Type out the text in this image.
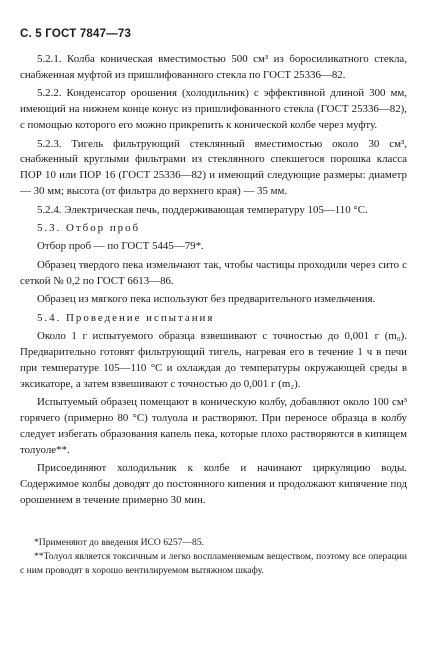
С. 5 ГОСТ 7847—73

5.2.1. Колба коническая вместимостью 500 см³ из боросиликатного стекла, снабженная муфтой из пришлифованного стекла по ГОСТ 25336—82.

5.2.2. Конденсатор орошения (холодильник) с эффективной длиной 300 мм, имеющий на нижнем конце конус из пришлифованного стекла (ГОСТ 25336—82), с помощью которого его можно прикрепить к конической колбе через муфту.

5.2.3. Тигель фильтрующий стеклянный вместимостью около 30 см³, снабженный круглыми фильтрами из стеклянного спекшегося порошка класса ПОР 10 или ПОР 16 (ГОСТ 25336—82) и имеющий следующие размеры: диаметр — 30 мм; высота (от фильтра до верхнего края) — 35 мм.

5.2.4. Электрическая печь, поддерживающая температуру 105—110 °С.

5.3. Отбор проб

Отбор проб — по ГОСТ 5445—79*.

Образец твердого пека измельчают так, чтобы частицы проходили через сито с сеткой № 0,2 по ГОСТ 6613—86.

Образец из мягкого пека используют без предварительного измельчения.

5.4. Проведение испытания

Около 1 г испытуемого образца взвешивают с точностью до 0,001 г (m₀). Предварительно готовят фильтрующий тигель, нагревая его в течение 1 ч в печи при температуре 105—110 °С и охлаждая до температуры окружающей среды в эксикаторе, а затем взвешивают с точностью до 0,001 г (m₂).

Испытуемый образец помещают в коническую колбу, добавляют около 100 см³ горячего (примерно 80 °С) толуола и растворяют. При переносе образца в колбу следует избегать образования капель пека, которые плохо растворяются в кипящем толуоле**.

Присоединяют холодильник к колбе и начинают циркуляцию воды. Содержимое колбы доводят до постоянного кипения и продолжают кипячение под орошением в течение примерно 30 мин.

*Применяют до введения ИСО 6257—85.

**Толуол является токсичным и легко воспламеняемым веществом, поэтому все операции с ним проводят в хорошо вентилируемом вытяжном шкафу.
